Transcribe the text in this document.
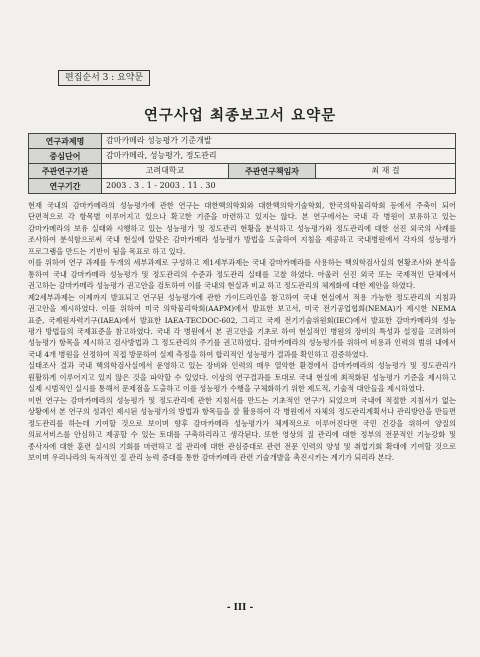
편집순서 3 : 요약문
연구사업 최종보고서 요약문
연구과제명	감마카메라 성능평가 기준개발		
중심단어	감마카메라, 성능평가, 정도관리		
주관연구기관	고려대학교	주관연구책임자	최 재 걸
연구기간	2003 . 3 . 1 - 2003 . 11 . 30		

현재 국내의 감마카메라의 성능평가에 관한 연구는 대한핵의학회와 대한핵의학기술학회, 한국의학물리학회 등에서 주축이 되어 단편적으로 각 항목별 이루어지고 있으나 확고한 기준을 마련하고 있지는 않다. 본 연구에서는 국내 각 병원이 보유하고 있는 감마카메라의 보유 실태와 시행하고 있는 성능평가 및 정도관리 현황을 분석하고 성능평가와 정도관리에 대한 선진 외국의 사례를 조사하여 분석함으로써 국내 현실에 알맞은 감마카메라 성능평가 방법을 도출하여 지침을 제공하고 국내병원에서 각자의 성능평가 프로그램을 만드는 기반이 됨을 목표로 하고 있다.

이를 위하여 연구 과제를 두개의 세부과제로 구성하고 제1세부과제는 국내 감마카메라를 사용하는 핵의학검사실의 현황조사와 분석을 통하여 국내 감마카메라 성능평가 및 정도관리의 수준과 정도관리 실태를 고찰 하였다. 아울러 선진 외국 또는 국제적인 단체에서 권고하는 감마카메라 성능평가 권고안을 검토하여 이를 국내의 현실과 비교 하고 정도관리의 체계화에 대한 제안을 하였다.

제2세부과제는 이제까지 발표되고 연구된 성능평가에 관한 가이드라인을 참고하여 국내 현실에서 적용 가능한 정도관리의 지침과 권고안을 제시하였다. 이를 위하여 미국 의학물리학회(AAPM)에서 발표한 보고서, 미국 전기공업협회(NEMA)가 제시한 NEMA 표준, 국제원자력기구(IAEA)에서 발표한 IAEA-TECDOC-602, 그리고 국제 전기기술위원회(IEC)에서 발표한 감마카메라의 성능 평가 방법들의 국제표준을 참고하였다. 국내 각 병원에서 본 권고안을 기초로 하여 현실적인 병원의 장비의 특성과 설정을 고려하여 성능평가 항목을 제시하고 검사방법과 그 정도관리의 주기를 권고하였다. 감마카메라의 성능평가를 위하여 비용과 인력의 범위 내에서 국내 4개 병원을 선정하여 직접 방문하여 실제 측정을 하여 합리적인 성능평가 결과를 확인하고 검증하였다.

실태조사 결과 국내 핵의학검사실에서 운영하고 있는 장비와 인력의 매우 열악한 환경에서 감마카메라의 성능평가 및 정도관리가 원활하게 이루어지고 있지 않은 것을 파악할 수 있었다. 이상의 연구결과를 토대로 국내 현실에 최적화된 성능평가 기준을 제시하고 실제 시범적인 실시를 통해서 문제점을 도출하고 이를 성능평가 수행을 구체화하기 위한 제도적, 기술적 대안들을 제시하였다.

이번 연구는 감마카메라의 성능평가 및 정도관리에 관한 지침서를 만드는 기초적인 연구가 되었으며 국내에 적절한 지침서가 없는 상황에서 본 연구의 성과인 제시된 성능평가의 방법과 항목들을 잘 활용하여 각 병원에서 자체의 정도관리계획서나 관리방안을 만들면 정도관리를 하는데 기여할 것으로 보이며 향후 감마카메라 성능평가가 체계적으로 이루어진다면 국민 건강을 위하여 양질의 의료서비스를 안심하고 제공할 수 있는 토대를 구축하리라고 생각된다. 또한 영상의 질 관리에 대한 정부의 전문적인 기능강화 및 종사자에 대한 훈련 실시의 기회를 마련하고 질 관리에 대한 관심증대로 관련 전문 인력의 양성 및 취업기회 확대에 기여할 것으로 보이며 우리나라의 독자적인 질 관리 능력 증대를 통한 감마카메라 관련 기술개발을 촉진시키는 계기가 되리라 본다.

- III -
